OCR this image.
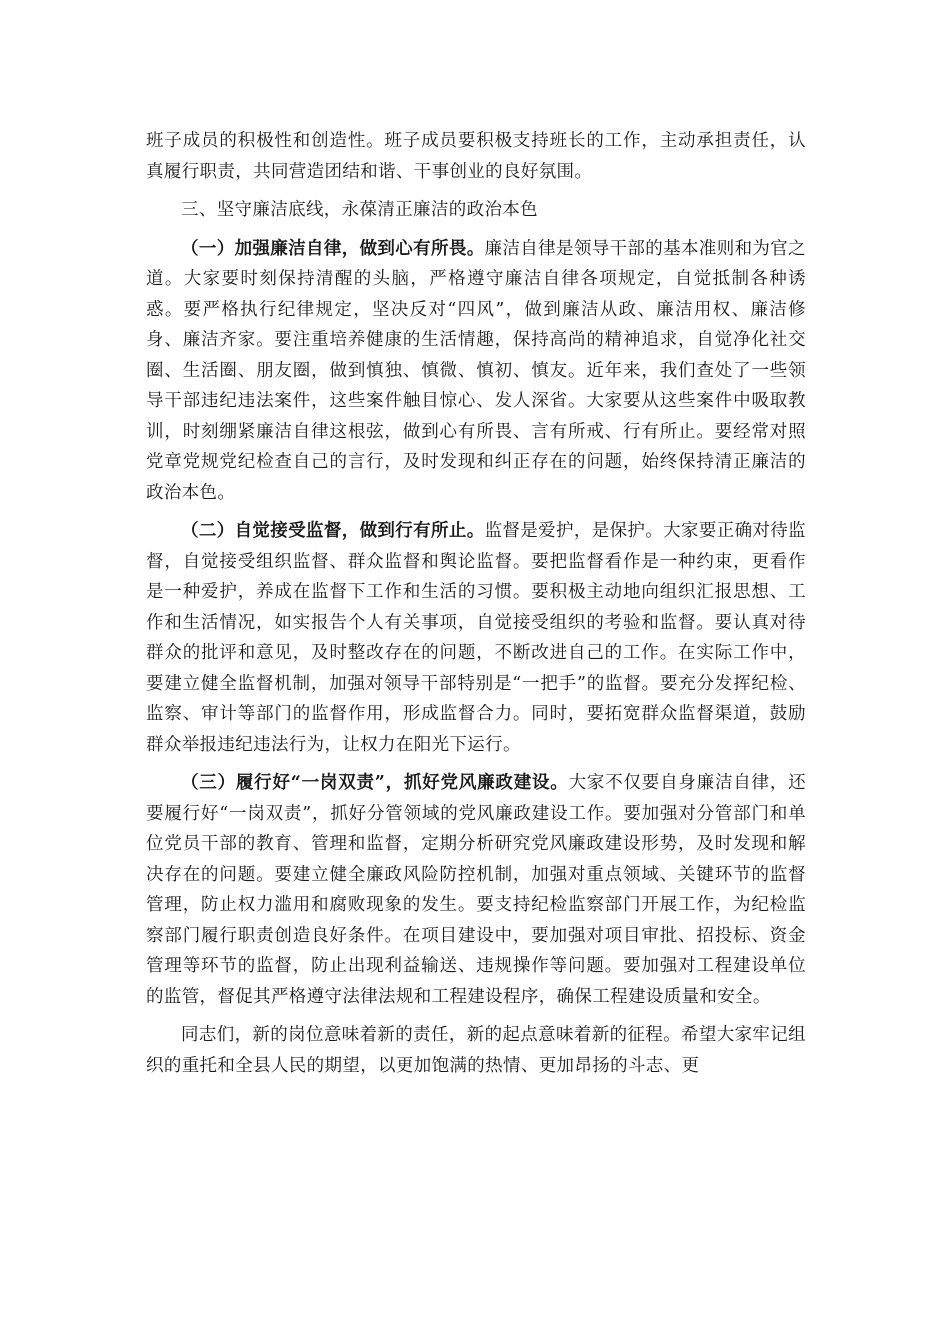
班子成员的积极性和创造性。班子成员要积极支持班长的工作，主动承担责任，认真履行职责，共同营造团结和谐、干事创业的良好氛围。

三、坚守廉洁底线，永葆清正廉洁的政治本色

（一）加强廉洁自律，做到心有所畏。廉洁自律是领导干部的基本准则和为官之道。大家要时刻保持清醒的头脑，严格遵守廉洁自律各项规定，自觉抵制各种诱惑。要严格执行纪律规定，坚决反对“四风”，做到廉洁从政、廉洁用权、廉洁修身、廉洁齐家。要注重培养健康的生活情趣，保持高尚的精神追求，自觉净化社交圈、生活圈、朋友圈，做到慎独、慎微、慎初、慎友。近年来，我们查处了一些领导干部违纪违法案件，这些案件触目惊心、发人深省。大家要从这些案件中吸取教训，时刻绷紧廉洁自律这根弦，做到心有所畏、言有所戒、行有所止。要经常对照党章党规党纪检查自己的言行，及时发现和纠正存在的问题，始终保持清正廉洁的政治本色。

（二）自觉接受监督，做到行有所止。监督是爱护，是保护。大家要正确对待监督，自觉接受组织监督、群众监督和舆论监督。要把监督看作是一种约束，更看作是一种爱护，养成在监督下工作和生活的习惯。要积极主动地向组织汇报思想、工作和生活情况，如实报告个人有关事项，自觉接受组织的考验和监督。要认真对待群众的批评和意见，及时整改存在的问题，不断改进自己的工作。在实际工作中，要建立健全监督机制，加强对领导干部特别是“一把手”的监督。要充分发挥纪检、监察、审计等部门的监督作用，形成监督合力。同时，要拓宽群众监督渠道，鼓励群众举报违纪违法行为，让权力在阳光下运行。

（三）履行好“一岗双责”，抓好党风廉政建设。大家不仅要自身廉洁自律，还要履行好“一岗双责”，抓好分管领域的党风廉政建设工作。要加强对分管部门和单位党员干部的教育、管理和监督，定期分析研究党风廉政建设形势，及时发现和解决存在的问题。要建立健全廉政风险防控机制，加强对重点领域、关键环节的监督管理，防止权力滥用和腐败现象的发生。要支持纪检监察部门开展工作，为纪检监察部门履行职责创造良好条件。在项目建设中，要加强对项目审批、招投标、资金管理等环节的监督，防止出现利益输送、违规操作等问题。要加强对工程建设单位的监管，督促其严格遵守法律法规和工程建设程序，确保工程建设质量和安全。

同志们，新的岗位意味着新的责任，新的起点意味着新的征程。希望大家牢记组织的重托和全县人民的期望，以更加饱满的热情、更加昂扬的斗志、更
